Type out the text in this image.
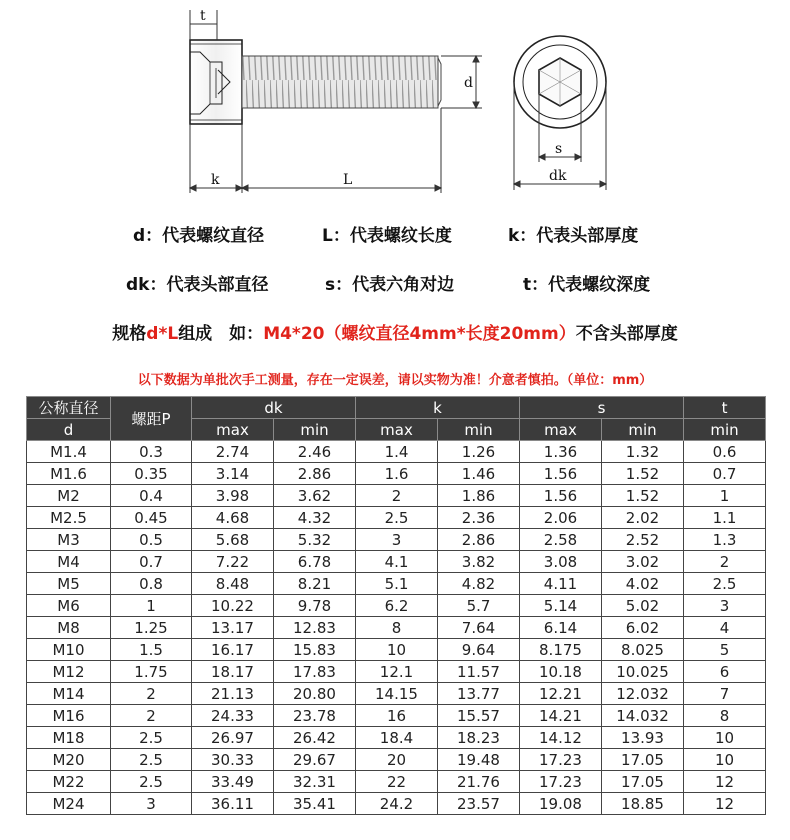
t
k	L
d
s
dk
d：代表螺纹直径	L：代表螺纹长度	k：代表头部厚度
dk：代表头部直径	s：代表六角对边	t：代表螺纹深度
规格d*L组成　如：M4*20（螺纹直径4mm*长度20mm）不含头部厚度
以下数据为单批次手工测量，存在一定误差，请以实物为准！介意者慎拍。（单位：mm）
公称直径	螺距P	dk		k		s		t
d		max	min	max	min	max	min	min
M1.4	0.3	2.74	2.46	1.4	1.26	1.36	1.32	0.6
M1.6	0.35	3.14	2.86	1.6	1.46	1.56	1.52	0.7
M2	0.4	3.98	3.62	2	1.86	1.56	1.52	1
M2.5	0.45	4.68	4.32	2.5	2.36	2.06	2.02	1.1
M3	0.5	5.68	5.32	3	2.86	2.58	2.52	1.3
M4	0.7	7.22	6.78	4.1	3.82	3.08	3.02	2
M5	0.8	8.48	8.21	5.1	4.82	4.11	4.02	2.5
M6	1	10.22	9.78	6.2	5.7	5.14	5.02	3
M8	1.25	13.17	12.83	8	7.64	6.14	6.02	4
M10	1.5	16.17	15.83	10	9.64	8.175	8.025	5
M12	1.75	18.17	17.83	12.1	11.57	10.18	10.025	6
M14	2	21.13	20.80	14.15	13.77	12.21	12.032	7
M16	2	24.33	23.78	16	15.57	14.21	14.032	8
M18	2.5	26.97	26.42	18.4	18.23	14.12	13.93	10
M20	2.5	30.33	29.67	20	19.48	17.23	17.05	10
M22	2.5	33.49	32.31	22	21.76	17.23	17.05	12
M24	3	36.11	35.41	24.2	23.57	19.08	18.85	12
